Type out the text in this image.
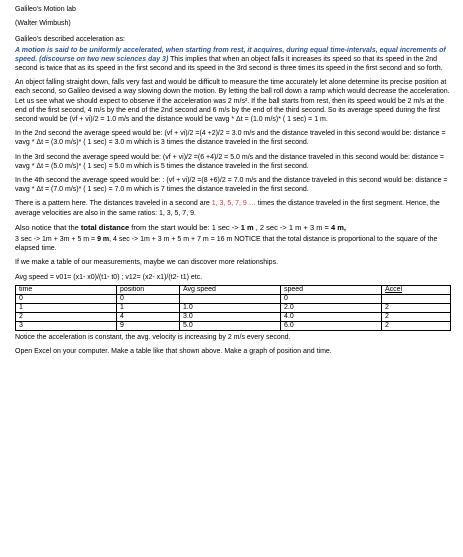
Galileo's Motion lab
(Walter Wimbush)
Galileo's described acceleration as:
A motion is said to be uniformly accelerated, when starting from rest, it acquires, during equal time-intervals, equal increments of speed. (discourse on two new sciences day 3) This implies that when an object falls it increases its speed so that its speed in the 2nd second is twice that as its speed in the first second and its speed in the 3rd second is three times its speed in the first second and so forth.
An object falling straight down, falls very fast and would be difficult to measure the time accurately let alone determine its precise position at each second, so Galileo devised a way slowing down the motion. By letting the ball roll down a ramp which would decrease the acceleration. Let us see what we should expect to observe if the acceleration was 2 m/s². If the ball starts from rest, then its speed would be 2 m/s at the end of the first second, 4 m/s by the end of the 2nd second and 6 m/s by the end of the third second. So its average speed during the first second would be (vf + vi)/2 = 1.0 m/s and the distance would be vavg * Δt = (1.0 m/s)* ( 1 sec) = 1 m.
In the 2nd second the average speed would be: (vf + vi)/2 =(4 +2)/2 = 3.0 m/s and the distance traveled in this second would be: distance = vavg * Δt = (3.0 m/s)* ( 1 sec) = 3.0 m which is 3 times the distance traveled in the first second.
In the 3rd second the average speed would be: (vf + vi)/2 =(6 +4)/2 = 5.0 m/s and the distance traveled in this second would be: distance = vavg * Δt = (5.0 m/s)* ( 1 sec) = 5.0 m which is 5 times the distance traveled in the first second.
In the 4th second the average speed would be: : (vf + vi)/2 =(8 +6)/2 = 7.0 m/s and the distance traveled in this second would be: distance = vavg * Δt = (7.0 m/s)* ( 1 sec) = 7.0 m which is 7 times the distance traveled in the first second.
There is a pattern here. The distances traveled in a second are 1, 3, 5, 7, 9 … times the distance traveled in the first segment. Hence, the average velocities are also in the same ratios: 1, 3, 5, 7, 9.
Also notice that the total distance from the start would be: 1 sec -> 1 m , 2 sec -> 1 m + 3 m = 4 m,
3 sec -> 1m + 3m + 5 m = 9 m, 4 sec -> 1m + 3 m + 5 m + 7 m = 16 m NOTICE that the total distance is proportional to the square of the elapsed time.
If we make a table of our measurements, maybe we can discover more relationships.
Avg speed = v01= (x1- x0)/(t1- t0) ; v12= (x2- x1)/(t2- t1) etc.
time	position	Avg speed	speed	Accel
0	0		0	
1	1	1.0	2.0	2
2	4	3.0	4.0	2
3	9	5.0	6.0	2
Notice the acceleration is constant, the avg. velocity is increasing by 2 m/s every second.
Open Excel on your computer. Make a table like that shown above. Make a graph of position and time.
